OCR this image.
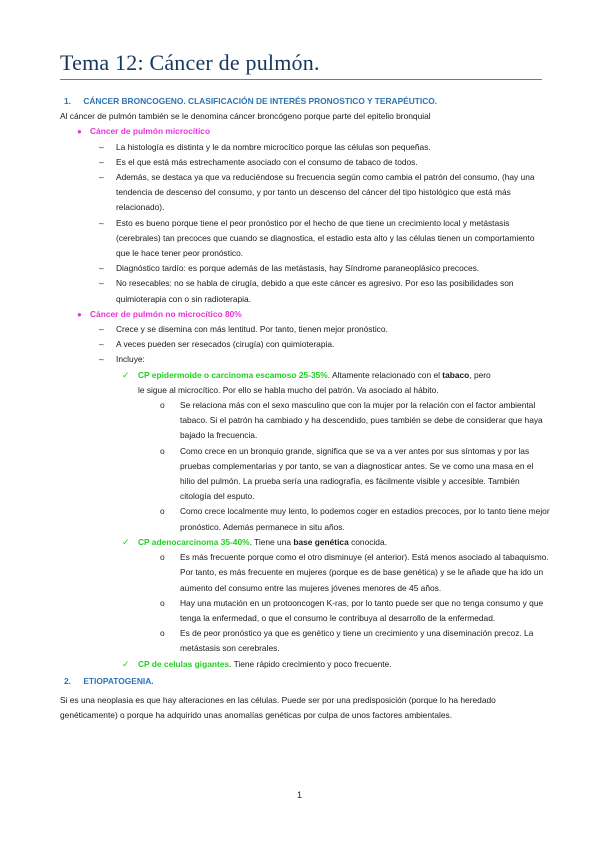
Tema 12: Cáncer de pulmón.
1. CÁNCER BRONCOGENO. CLASIFICACIÓN DE INTERÉS PRONOSTICO Y TERAPÉUTICO.
Al cáncer de pulmón también se le denomina cáncer broncógeno porque parte del epitelio bronquial
● Cáncer de pulmón microcítico
– La histología es distinta y le da nombre microcítico porque las células son pequeñas.
– Es el que está más estrechamente asociado con el consumo de tabaco de todos.
– Además, se destaca ya que va reduciéndose su frecuencia según como cambia el patrón del consumo, (hay una tendencia de descenso del consumo, y por tanto un descenso del cáncer del tipo histológico que está más relacionado).
– Esto es bueno porque tiene el peor pronóstico por el hecho de que tiene un crecimiento local y metástasis (cerebrales) tan precoces que cuando se diagnostica, el estadio esta alto y las células tienen un comportamiento que le hace tener peor pronóstico.
– Diagnóstico tardío: es porque además de las metástasis, hay Síndrome paraneoplásico precoces.
– No resecables: no se habla de cirugía, debido a que este cáncer es agresivo. Por eso las posibilidades son quimioterapia con o sin radioterapia.
● Cáncer de pulmón no microcítico 80%
– Crece y se disemina con más lentitud. Por tanto, tienen mejor pronóstico.
– A veces pueden ser resecados (cirugía) con quimioterapia.
– Incluye:
✓ CP epidermoide o carcinoma escamoso 25-35%. Altamente relacionado con el tabaco, pero
le sigue al microcítico. Por ello se habla mucho del patrón. Va asociado al hábito.
o Se relaciona más con el sexo masculino que con la mujer por la relación con el factor ambiental tabaco. Si el patrón ha cambiado y ha descendido, pues también se debe de considerar que haya bajado la frecuencia.
o Como crece en un bronquio grande, significa que se va a ver antes por sus síntomas y por las pruebas complementarias y por tanto, se van a diagnosticar antes. Se ve como una masa en el hilio del pulmón. La prueba sería una radiografía, es fácilmente visible y accesible. También citología del esputo.
o Como crece localmente muy lento, lo podemos coger en estadios precoces, por lo tanto tiene mejor pronóstico. Además permanece in situ años.
✓ CP adenocarcinoma 35-40%. Tiene una base genética conocida.
o Es más frecuente porque como el otro disminuye (el anterior). Está menos asociado al tabaquismo. Por tanto, es más frecuente en mujeres (porque es de base genética) y se le añade que ha ido un aumento del consumo entre las mujeres jóvenes menores de 45 años.
o Hay una mutación en un protooncogen K-ras, por lo tanto puede ser que no tenga consumo y que tenga la enfermedad, o que el consumo le contribuya al desarrollo de la enfermedad.
o Es de peor pronóstico ya que es genético y tiene un crecimiento y una diseminación precoz. La metástasis son cerebrales.
✓ CP de celulas gigantes. Tiene rápido crecimiento y poco frecuente.
2. ETIOPATOGENIA.
Si es una neoplasia es que hay alteraciones en las células. Puede ser por una predisposición (porque lo ha heredado genéticamente) o porque ha adquirido unas anomalías genéticas por culpa de unos factores ambientales.
1
